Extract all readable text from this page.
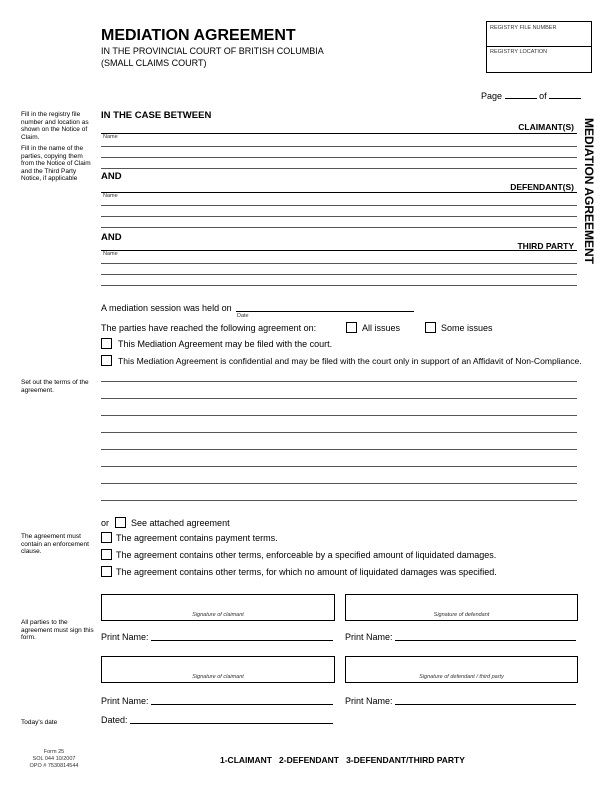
MEDIATION AGREEMENT
IN THE PROVINCIAL COURT OF BRITISH COLUMBIA
(SMALL CLAIMS COURT)
REGISTRY FILE NUMBER
REGISTRY LOCATION
Page	of
MEDIATION AGREEMENT
Fill in the registry file number and location as shown on the Notice of Claim.
Fill in the name of the parties, copying them from the Notice of Claim and the Third Party Notice, if applicable
Set out the terms of the agreement.
The agreement must contain an enforcement clause.
All parties to the agreement must sign this form.
Today's date
IN THE CASE BETWEEN
CLAIMANT(S)
Name
AND
DEFENDANT(S)
Name
AND
THIRD PARTY
Name
A mediation session was held on
Date
The parties have reached the following agreement on:	All issues	Some issues
This Mediation Agreement may be filed with the court.
This Mediation Agreement is confidential and may be filed with the court only in support of an Affidavit of Non-Compliance.
or See attached agreement
The agreement contains payment terms.
The agreement contains other terms, enforceable by a specified amount of liquidated damages.
The agreement contains other terms, for which no amount of liquidated damages was specified.
Signature of claimant	Signature of defendant
Print Name:	Print Name:
Signature of claimant	Signature of defendant / third party
Print Name:	Print Name:
Dated:
Form 25
SOL 044 10/2007
OPO # 7530814544
1-CLAIMANT   2-DEFENDANT   3-DEFENDANT/THIRD PARTY
